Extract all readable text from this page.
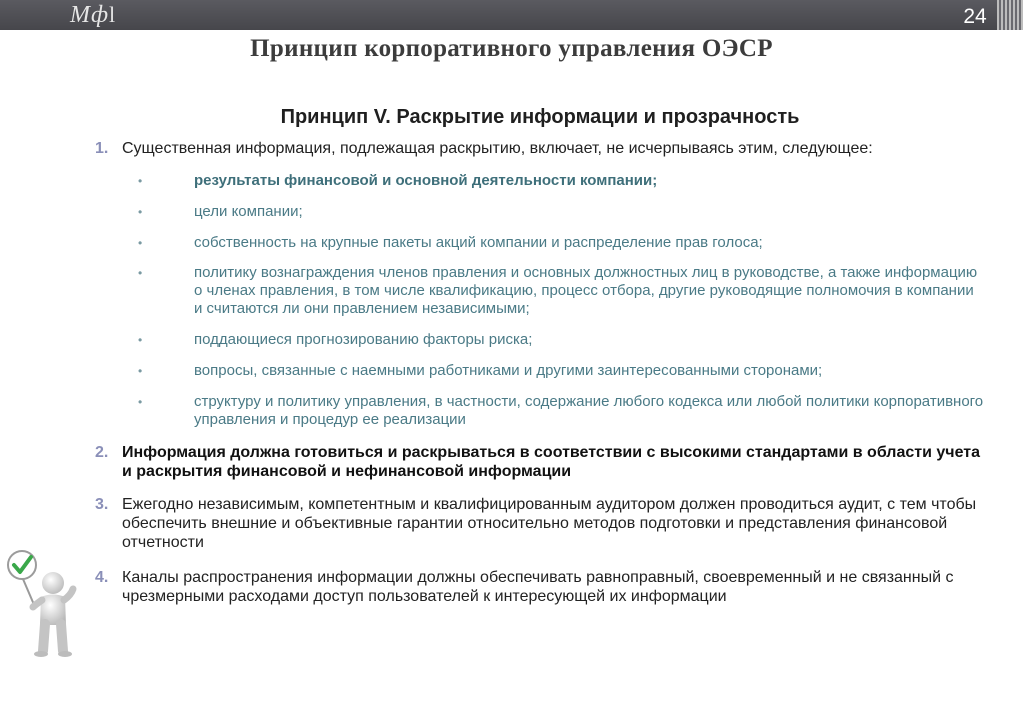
Мфl	24
Принцип корпоративного управления ОЭСР
Принцип V. Раскрытие информации и прозрачность
1. Существенная информация, подлежащая раскрытию, включает, не исчерпываясь этим, следующее:
•	результаты финансовой и основной деятельности компании;
•	цели компании;
•	собственность на крупные пакеты акций компании и распределение прав голоса;
•	политику вознаграждения членов правления и основных должностных лиц в руководстве, а также информацию о членах правления, в том числе квалификацию, процесс отбора, другие руководящие полномочия в компании и считаются ли они правлением независимыми;
•	поддающиеся прогнозированию факторы риска;
•	вопросы, связанные с наемными работниками и другими заинтересованными сторонами;
•	структуру и политику управления, в частности, содержание любого кодекса или любой политики корпоративного управления и процедур ее реализации
2. Информация должна готовиться и раскрываться в соответствии с высокими стандартами в области учета и раскрытия финансовой и нефинансовой информации
3. Ежегодно независимым, компетентным и квалифицированным аудитором должен проводиться аудит, с тем чтобы обеспечить внешние и объективные гарантии относительно методов подготовки и представления финансовой отчетности
4. Каналы распространения информации должны обеспечивать равноправный, своевременный и не связанный с чрезмерными расходами доступ пользователей к интересующей их информации
